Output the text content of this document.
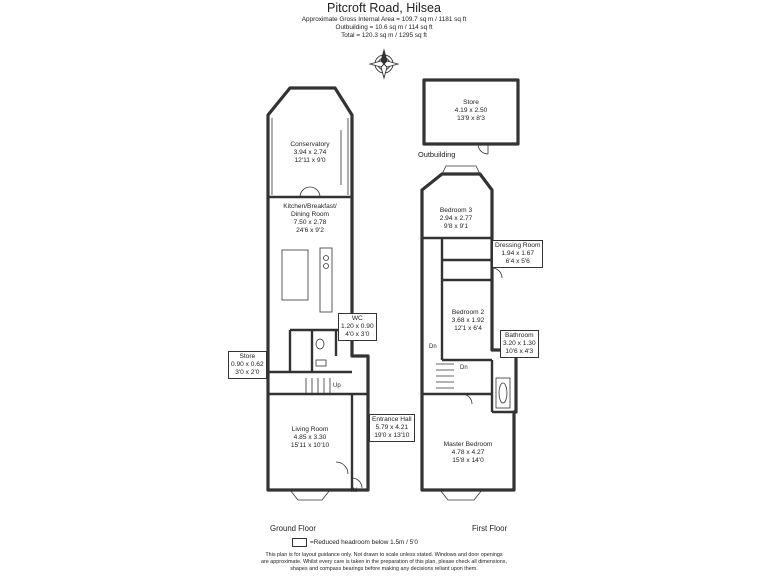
Pitcroft Road, Hilsea
Approximate Gross Internal Area = 109.7 sq m / 1181 sq ft
Outbuilding = 10.6 sq m / 114 sq ft
Total = 120.3 sq m / 1295 sq ft
Store
4.19 x 2.50
13'9 x 8'3
Outbuilding
Conservatory
3.94 x 2.74
12'11 x 9'0
Kitchen/Breakfast/
Dining Room
7.50 x 2.78
24'6 x 9'2
WC
1.20 x 0.90
4'0 x 3'0
Store
0.90 x 0.62
3'0 x 2'0
Living Room
4.85 x 3.30
15'11 x 10'10
Entrance Hall
5.79 x 4.21
19'0 x 13'10
Bedroom 3
2.94 x 2.77
9'8 x 9'1
Dressing Room
1.94 x 1.67
6'4 x 5'6
Bedroom 2
3.68 x 1.92
12'1 x 6'4
Bathroom
3.20 x 1.30
10'6 x 4'3
Master Bedroom
4.78 x 4.27
15'8 x 14'0
Up
Dn
Dn
IN
Ground Floor	First Floor
=Reduced headroom below 1.5m / 5'0
This plan is for layout guidance only. Not drawn to scale unless stated. Windows and door openings
are approximate. Whilst every care is taken in the preparation of this plan, please check all dimensions,
shapes and compass bearings before making any decisions reliant upon them.
